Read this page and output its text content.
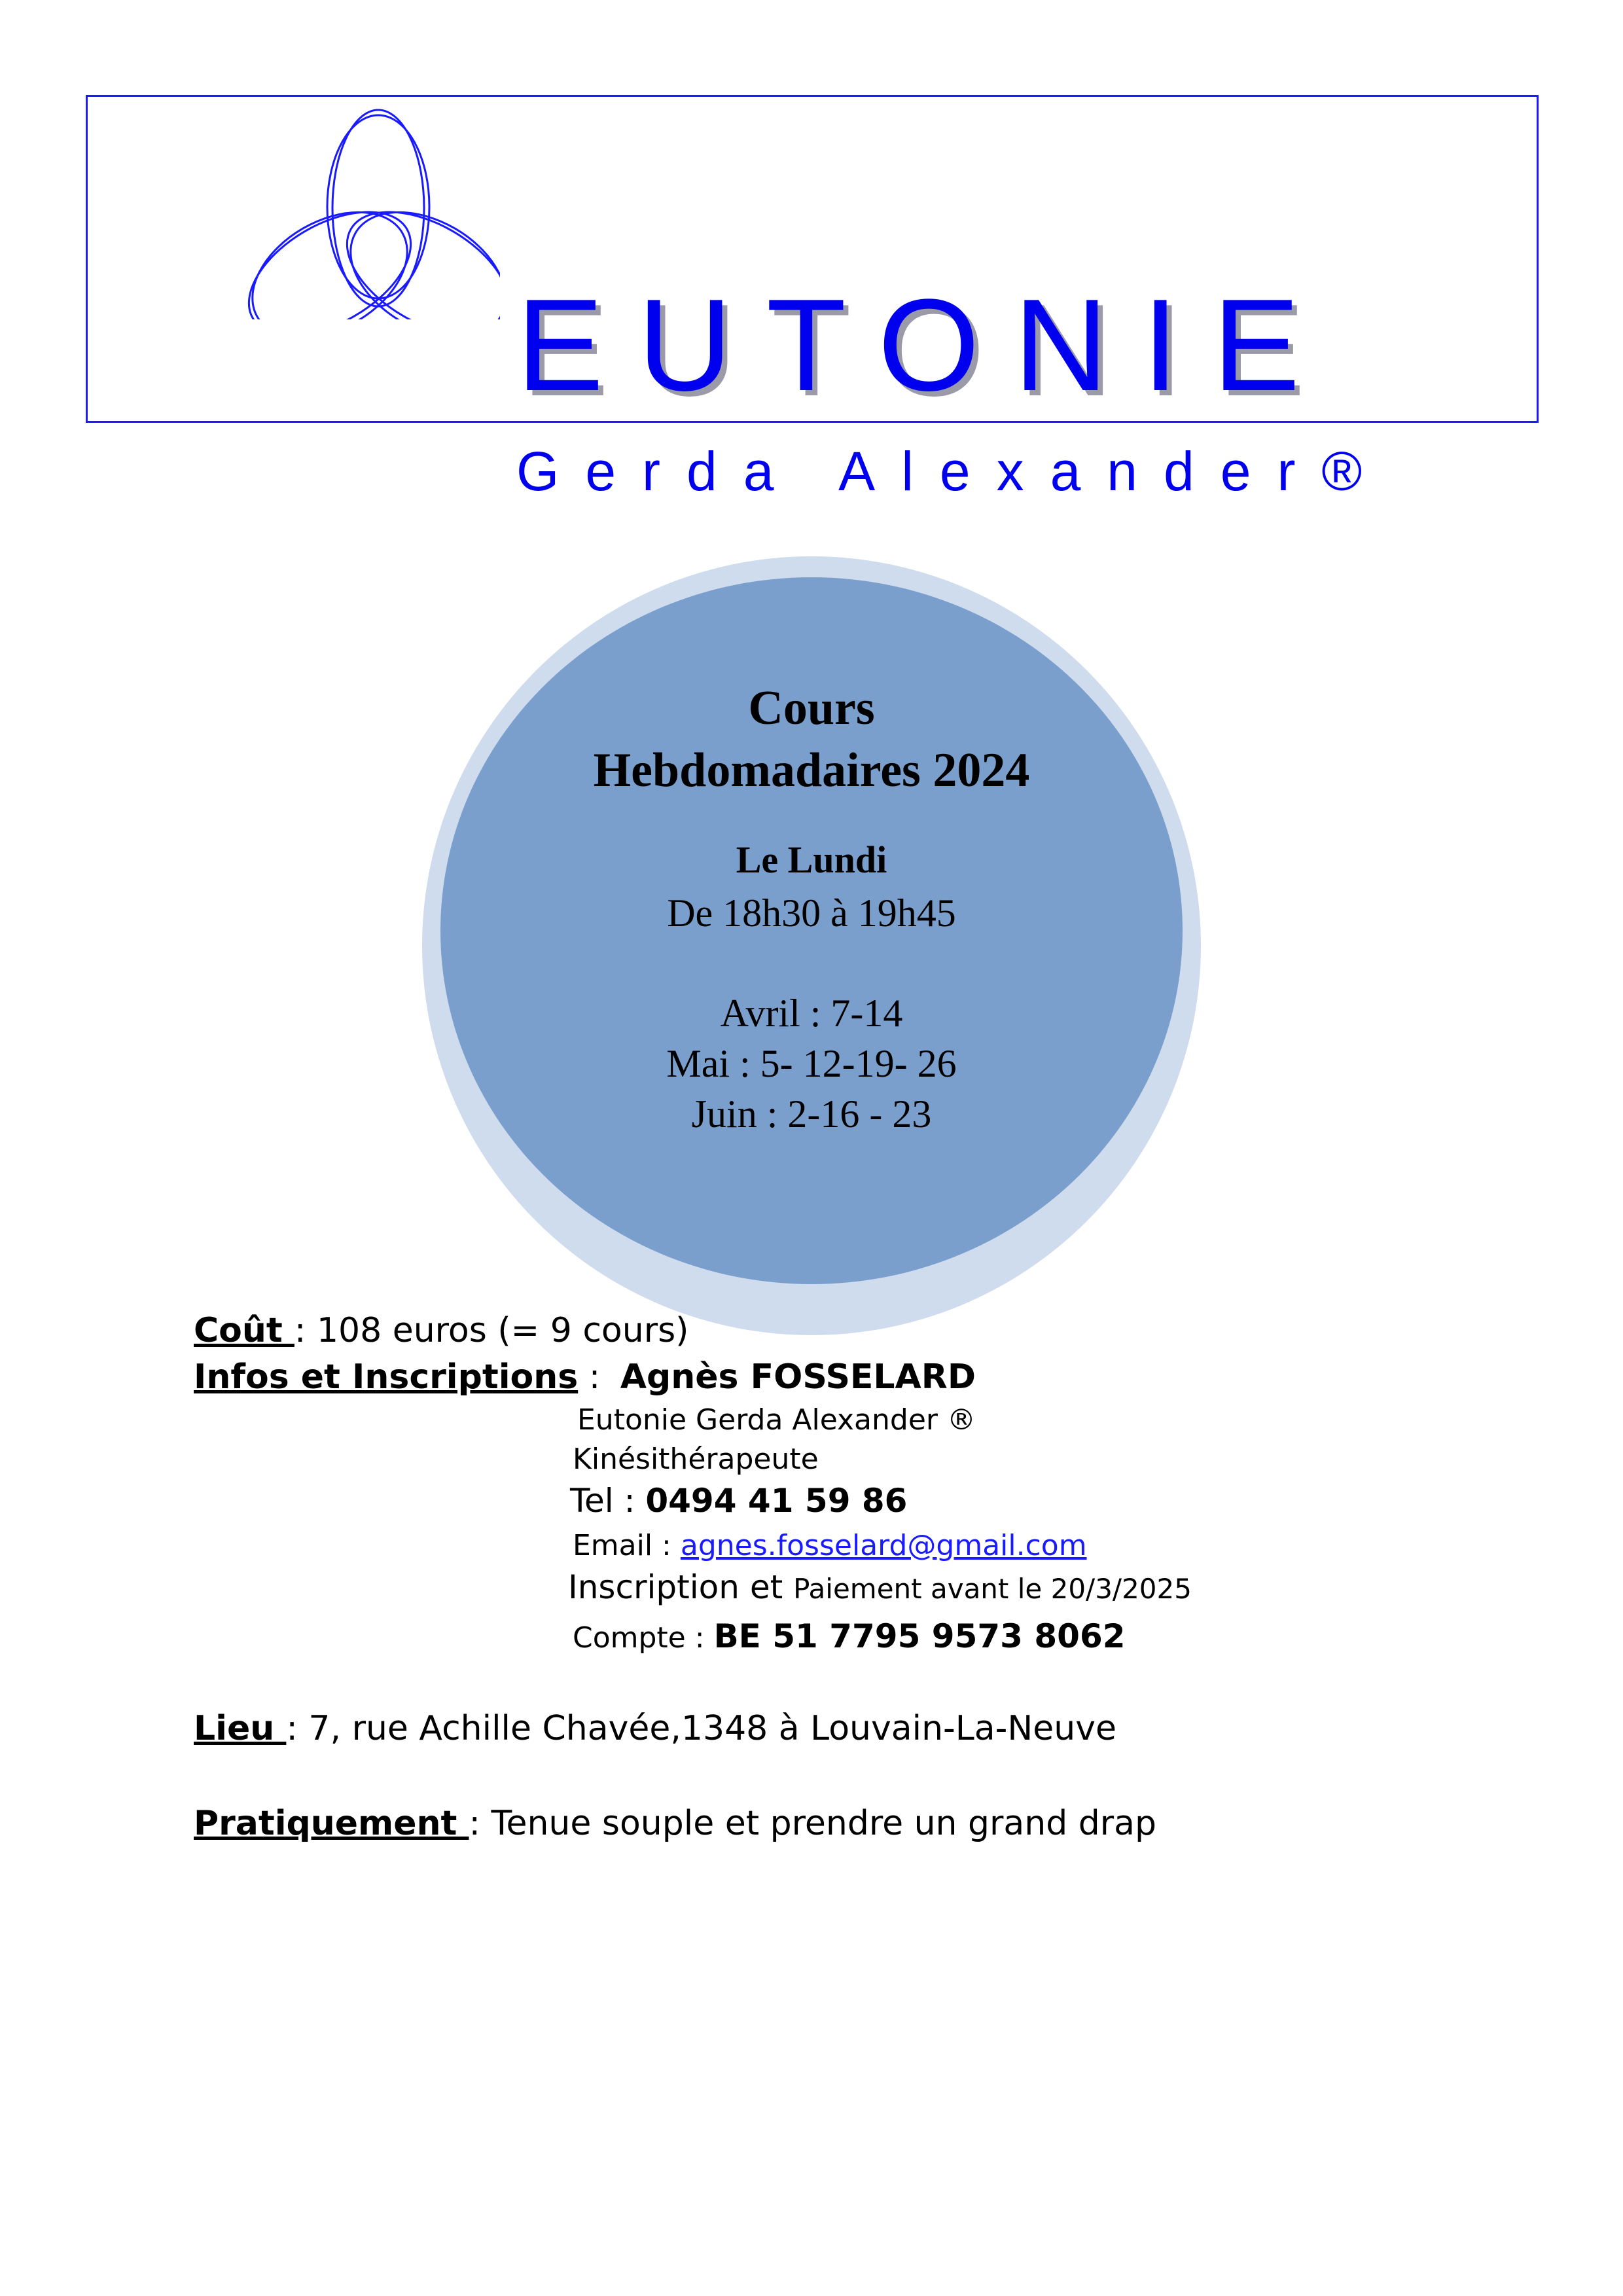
EUTONIE
Gerda Alexander®
Cours
Hebdomadaires 2024
Le Lundi
De 18h30 à 19h45
Avril : 7-14
Mai : 5- 12-19- 26
Juin : 2-16 - 23
Coût : 108 euros (= 9 cours)
Infos et Inscriptions : Agnès FOSSELARD
Eutonie Gerda Alexander ®
Kinésithérapeute
Tel : 0494 41 59 86
Email : agnes.fosselard@gmail.com
Inscription et Paiement avant le 20/3/2025
Compte : BE 51 7795 9573 8062
Lieu : 7, rue Achille Chavée,1348 à Louvain-La-Neuve
Pratiquement : Tenue souple et prendre un grand drap
